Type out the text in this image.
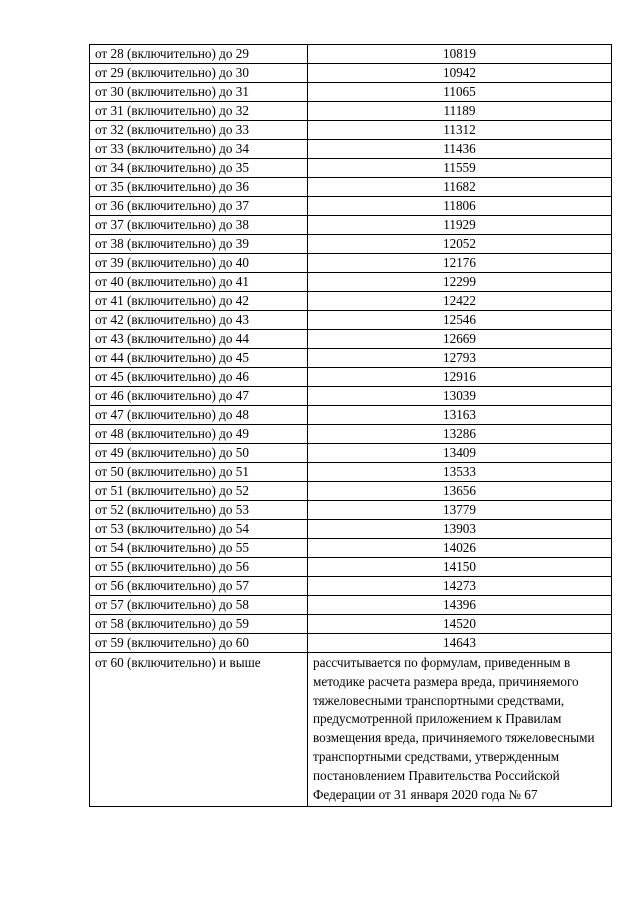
от 28 (включительно) до 29	10819
от 29 (включительно) до 30	10942
от 30 (включительно) до 31	11065
от 31 (включительно) до 32	11189
от 32 (включительно) до 33	11312
от 33 (включительно) до 34	11436
от 34 (включительно) до 35	11559
от 35 (включительно) до 36	11682
от 36 (включительно) до 37	11806
от 37 (включительно) до 38	11929
от 38 (включительно) до 39	12052
от 39 (включительно) до 40	12176
от 40 (включительно) до 41	12299
от 41 (включительно) до 42	12422
от 42 (включительно) до 43	12546
от 43 (включительно) до 44	12669
от 44 (включительно) до 45	12793
от 45 (включительно) до 46	12916
от 46 (включительно) до 47	13039
от 47 (включительно) до 48	13163
от 48 (включительно) до 49	13286
от 49 (включительно) до 50	13409
от 50 (включительно) до 51	13533
от 51 (включительно) до 52	13656
от 52 (включительно) до 53	13779
от 53 (включительно) до 54	13903
от 54 (включительно) до 55	14026
от 55 (включительно) до 56	14150
от 56 (включительно) до 57	14273
от 57 (включительно) до 58	14396
от 58 (включительно) до 59	14520
от 59 (включительно) до 60	14643
от 60 (включительно) и выше	рассчитывается по формулам, приведенным в методике расчета размера вреда, причиняемого тяжеловесными транспортными средствами, предусмотренной приложением к Правилам возмещения вреда, причиняемого тяжеловесными транспортными средствами, утвержденным постановлением Правительства Российской Федерации от 31 января 2020 года № 67
